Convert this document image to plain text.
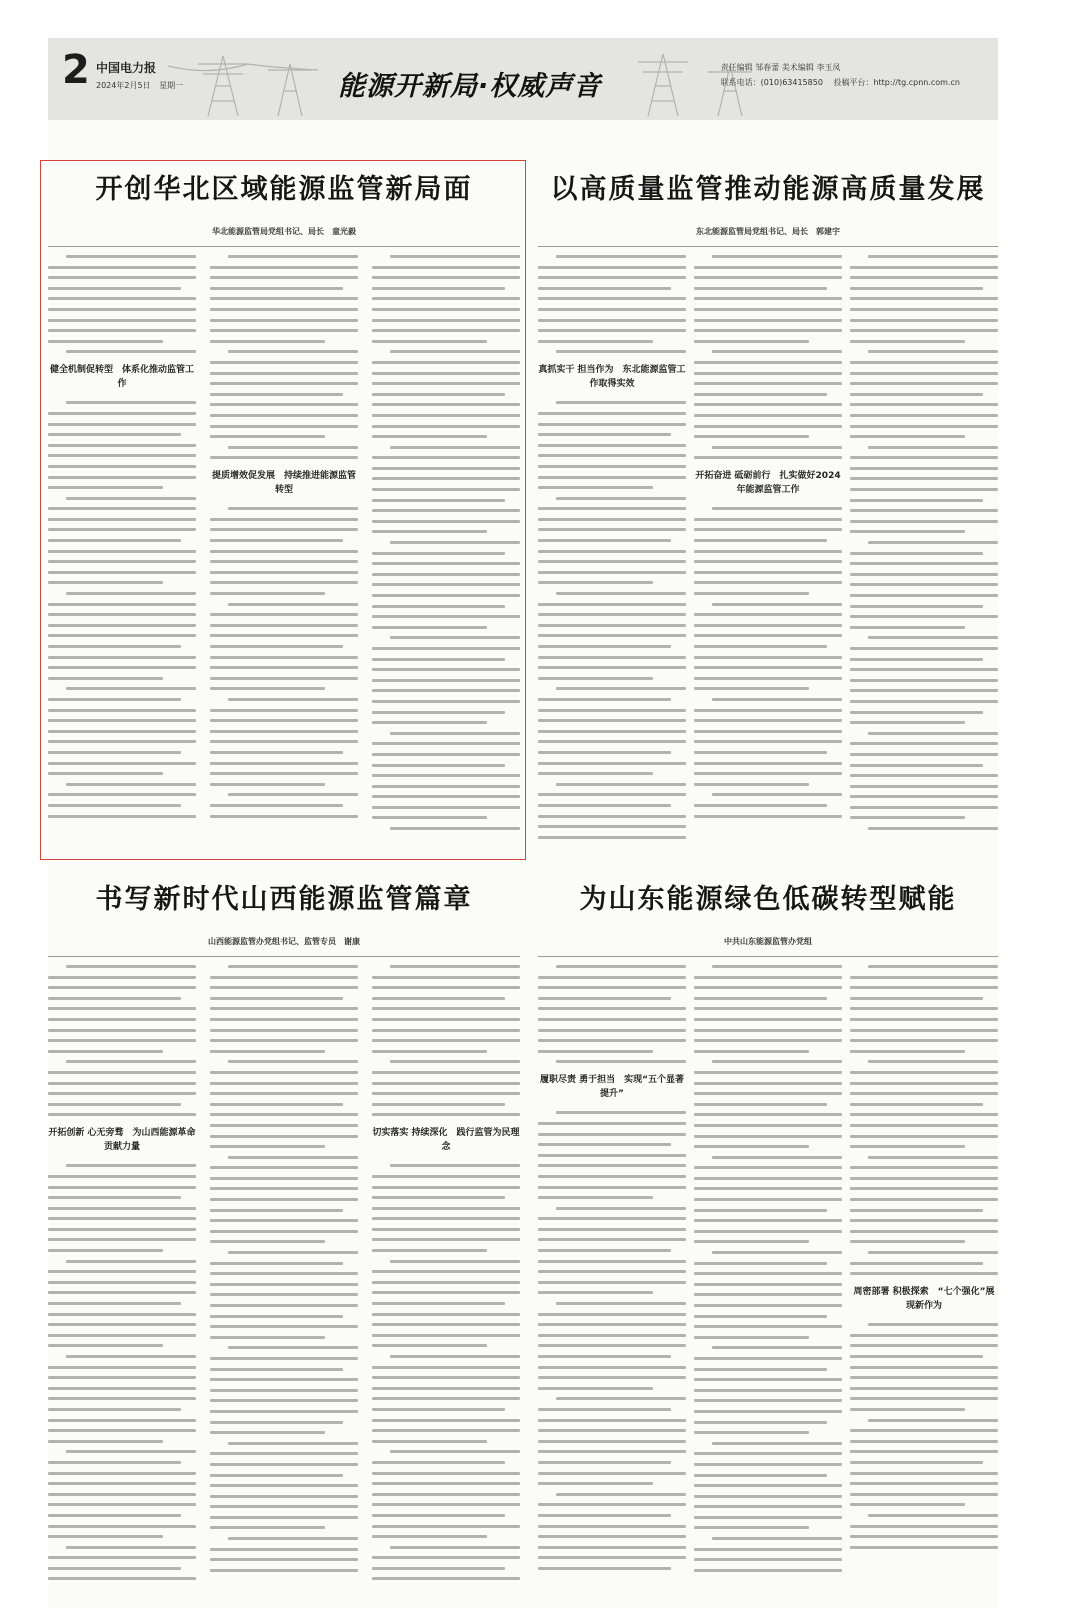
2 中国电力报
2024年2月5日 星期一	能源开新局·权威声音
责任编辑 邹春蕾 美术编辑 李玉凤
联系电话：(010)63415850 投稿平台：http://tg.cpnn.com.cn
开创华北区域能源监管新局面
华北能源监管局党组书记、局长　童光毅
健全机制促转型　体系化推动监管工作
提质增效促发展　持续推进能源监管转型
以高质量监管推动能源高质量发展
东北能源监管局党组书记、局长　郭建宇
真抓实干 担当作为　东北能源监管工作取得实效
开拓奋进 砥砺前行　扎实做好2024年能源监管工作
书写新时代山西能源监管篇章
山西能源监管办党组书记、监管专员　谢康
开拓创新 心无旁骛　为山西能源革命贡献力量
切实落实 持续深化　践行监管为民理念
为山东能源绿色低碳转型赋能
中共山东能源监管办党组
履职尽责 勇于担当　实现“五个显著提升”
周密部署 积极探索　“七个强化”展现新作为
